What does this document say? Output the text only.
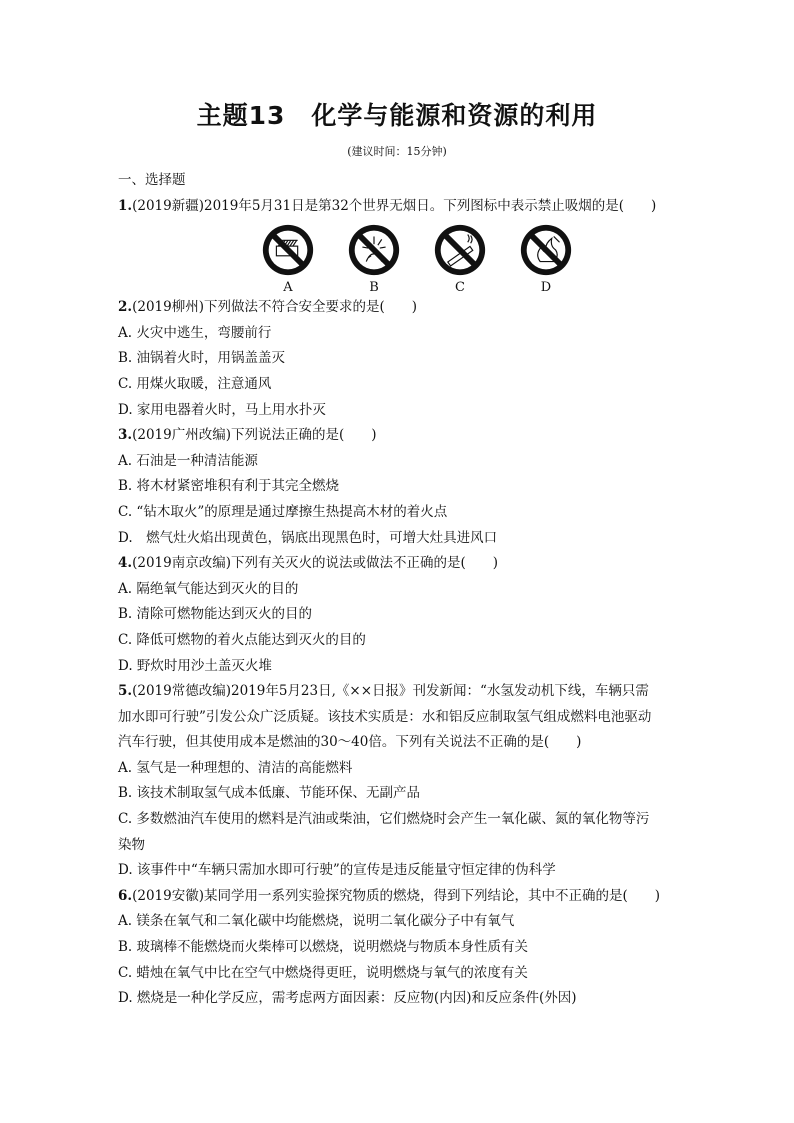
主题13　化学与能源和资源的利用
(建议时间：15分钟)
一、选择题
1.(2019新疆)2019年5月31日是第32个世界无烟日。下列图标中表示禁止吸烟的是(　　)
A	B	C	D
2.(2019柳州)下列做法不符合安全要求的是(　　)
A. 火灾中逃生，弯腰前行
B. 油锅着火时，用锅盖盖灭
C. 用煤火取暖，注意通风
D. 家用电器着火时，马上用水扑灭
3.(2019广州改编)下列说法正确的是(　　)
A. 石油是一种清洁能源
B. 将木材紧密堆积有利于其完全燃烧
C. “钻木取火”的原理是通过摩擦生热提高木材的着火点
D.　燃气灶火焰出现黄色，锅底出现黑色时，可增大灶具进风口
4.(2019南京改编)下列有关灭火的说法或做法不正确的是(　　)
A. 隔绝氧气能达到灭火的目的
B. 清除可燃物能达到灭火的目的
C. 降低可燃物的着火点能达到灭火的目的
D. 野炊时用沙土盖灭火堆
5.(2019常德改编)2019年5月23日,《××日报》刊发新闻：“水氢发动机下线，车辆只需
加水即可行驶”引发公众广泛质疑。该技术实质是：水和铝反应制取氢气组成燃料电池驱动
汽车行驶，但其使用成本是燃油的30～40倍。下列有关说法不正确的是(　　)
A. 氢气是一种理想的、清洁的高能燃料
B. 该技术制取氢气成本低廉、节能环保、无副产品
C. 多数燃油汽车使用的燃料是汽油或柴油，它们燃烧时会产生一氧化碳、氮的氧化物等污
染物
D. 该事件中“车辆只需加水即可行驶”的宣传是违反能量守恒定律的伪科学
6.(2019安徽)某同学用一系列实验探究物质的燃烧，得到下列结论，其中不正确的是(　　)
A. 镁条在氧气和二氧化碳中均能燃烧，说明二氧化碳分子中有氧气
B. 玻璃棒不能燃烧而火柴棒可以燃烧，说明燃烧与物质本身性质有关
C. 蜡烛在氧气中比在空气中燃烧得更旺，说明燃烧与氧气的浓度有关
D. 燃烧是一种化学反应，需考虑两方面因素：反应物(内因)和反应条件(外因)
